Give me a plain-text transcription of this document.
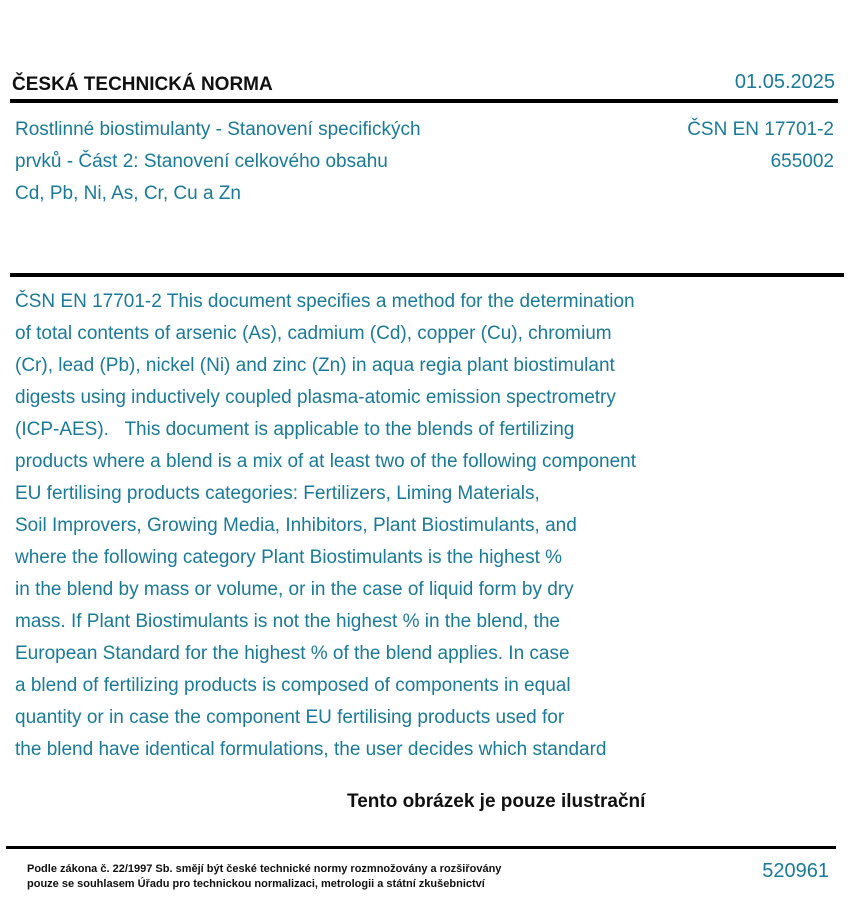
ČESKÁ TECHNICKÁ NORMA	01.05.2025
Rostlinné biostimulanty - Stanovení specifických
prvků - Část 2: Stanovení celkového obsahu
Cd, Pb, Ni, As, Cr, Cu a Zn
ČSN EN 17701-2
655002
ČSN EN 17701-2 This document specifies a method for the determination
of total contents of arsenic (As), cadmium (Cd), copper (Cu), chromium
(Cr), lead (Pb), nickel (Ni) and zinc (Zn) in aqua regia plant biostimulant
digests using inductively coupled plasma-atomic emission spectrometry
(ICP-AES).   This document is applicable to the blends of fertilizing
products where a blend is a mix of at least two of the following component
EU fertilising products categories: Fertilizers, Liming Materials,
Soil Improvers, Growing Media, Inhibitors, Plant Biostimulants, and
where the following category Plant Biostimulants is the highest %
in the blend by mass or volume, or in the case of liquid form by dry
mass. If Plant Biostimulants is not the highest % in the blend, the
European Standard for the highest % of the blend applies. In case
a blend of fertilizing products is composed of components in equal
quantity or in case the component EU fertilising products used for
the blend have identical formulations, the user decides which standard
Tento obrázek je pouze ilustrační
Podle zákona č. 22/1997 Sb. smějí být české technické normy rozmnožovány a rozšiřovány
pouze se souhlasem Úřadu pro technickou normalizaci, metrologii a státní zkušebnictví
520961
